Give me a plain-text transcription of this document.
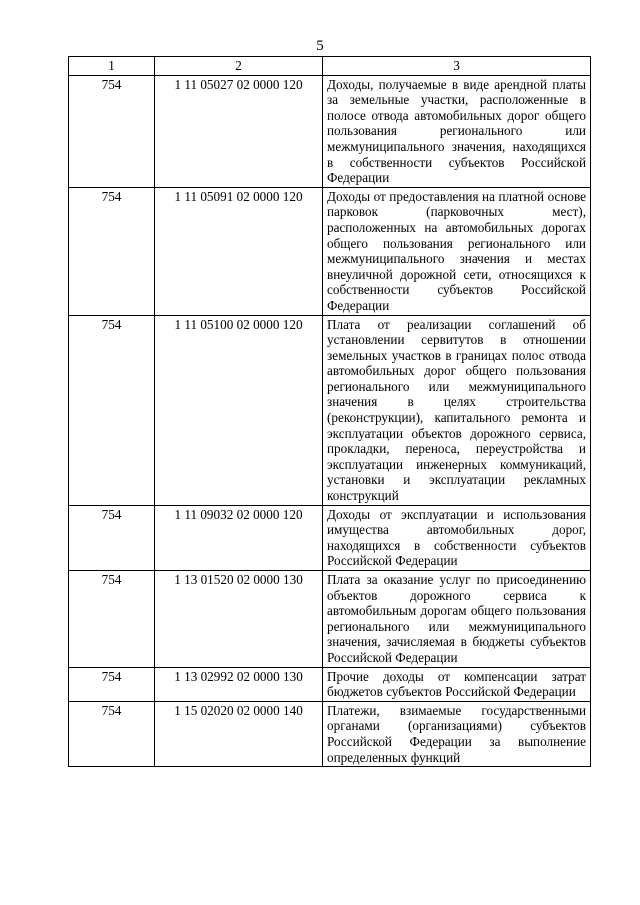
5
1	2	3
754	1 11 05027 02 0000 120	Доходы, получаемые в виде арендной платы за земельные участки, расположенные в полосе отвода автомобильных дорог общего пользования регионального или межмуниципального значения, находящихся в собственности субъектов Российской Федерации
754	1 11 05091 02 0000 120	Доходы от предоставления на платной основе парковок (парковочных мест), расположенных на автомобильных дорогах общего пользования регионального или межмуниципального значения и местах внеуличной дорожной сети, относящихся к собственности субъектов Российской Федерации
754	1 11 05100 02 0000 120	Плата от реализации соглашений об установлении сервитутов в отношении земельных участков в границах полос отвода автомобильных дорог общего пользования регионального или межмуниципального значения в целях строительства (реконструкции), капитального ремонта и эксплуатации объектов дорожного сервиса, прокладки, переноса, переустройства и эксплуатации инженерных коммуникаций, установки и эксплуатации рекламных конструкций
754	1 11 09032 02 0000 120	Доходы от эксплуатации и использования имущества автомобильных дорог, находящихся в собственности субъектов Российской Федерации
754	1 13 01520 02 0000 130	Плата за оказание услуг по присоединению объектов дорожного сервиса к автомобильным дорогам общего пользования регионального или межмуниципального значения, зачисляемая в бюджеты субъектов Российской Федерации
754	1 13 02992 02 0000 130	Прочие доходы от компенсации затрат бюджетов субъектов Российской Федерации
754	1 15 02020 02 0000 140	Платежи, взимаемые государственными органами (организациями) субъектов Российской Федерации за выполнение определенных функций
